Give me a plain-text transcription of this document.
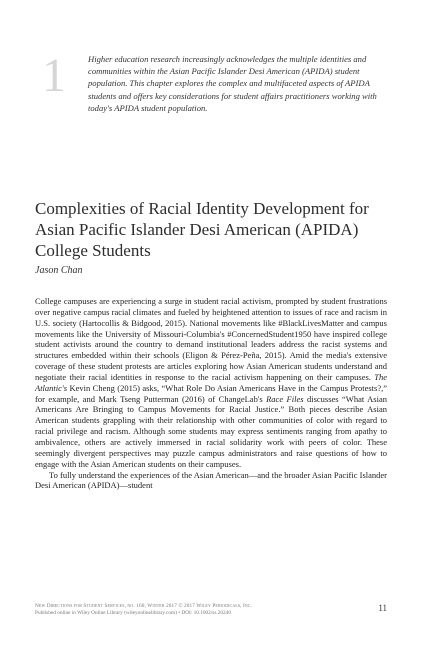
1	Higher education research increasingly acknowledges the multiple identities and communities within the Asian Pacific Islander Desi American (APIDA) student population. This chapter explores the complex and multifaceted aspects of APIDA students and offers key considerations for student affairs practitioners working with today's APIDA student population.
Complexities of Racial Identity Development for Asian Pacific Islander Desi American (APIDA) College Students
Jason Chan

College campuses are experiencing a surge in student racial activism, prompted by student frustrations over negative campus racial climates and fueled by heightened attention to issues of race and racism in U.S. society (Hartocollis & Bidgood, 2015). National movements like #BlackLivesMatter and campus movements like the University of Missouri-Columbia's #ConcernedStudent1950 have inspired college student activists around the country to demand institutional leaders address the racist systems and structures embedded within their schools (Eligon & Pérez-Peña, 2015). Amid the media's extensive coverage of these student protests are articles exploring how Asian American students understand and negotiate their racial identities in response to the racial activism happening on their campuses. The Atlantic's Kevin Cheng (2015) asks, “What Role Do Asian Americans Have in the Campus Protests?,” for example, and Mark Tseng Putterman (2016) of ChangeLab's Race Files discusses “What Asian Americans Are Bringing to Campus Movements for Racial Justice.” Both pieces describe Asian American students grappling with their relationship with other communities of color with regard to racial privilege and racism. Although some students may express sentiments ranging from apathy to ambivalence, others are actively immersed in racial solidarity work with peers of color. These seemingly divergent perspectives may puzzle campus administrators and raise questions of how to engage with the Asian American students on their campuses.

To fully understand the experiences of the Asian American—and the broader Asian Pacific Islander Desi American (APIDA)—student

New Directions for Student Services, no. 160, Winter 2017 © 2017 Wiley Periodicals, Inc.
Published online in Wiley Online Library (wileyonlinelibrary.com) • DOI: 10.1002/ss.20240	11
